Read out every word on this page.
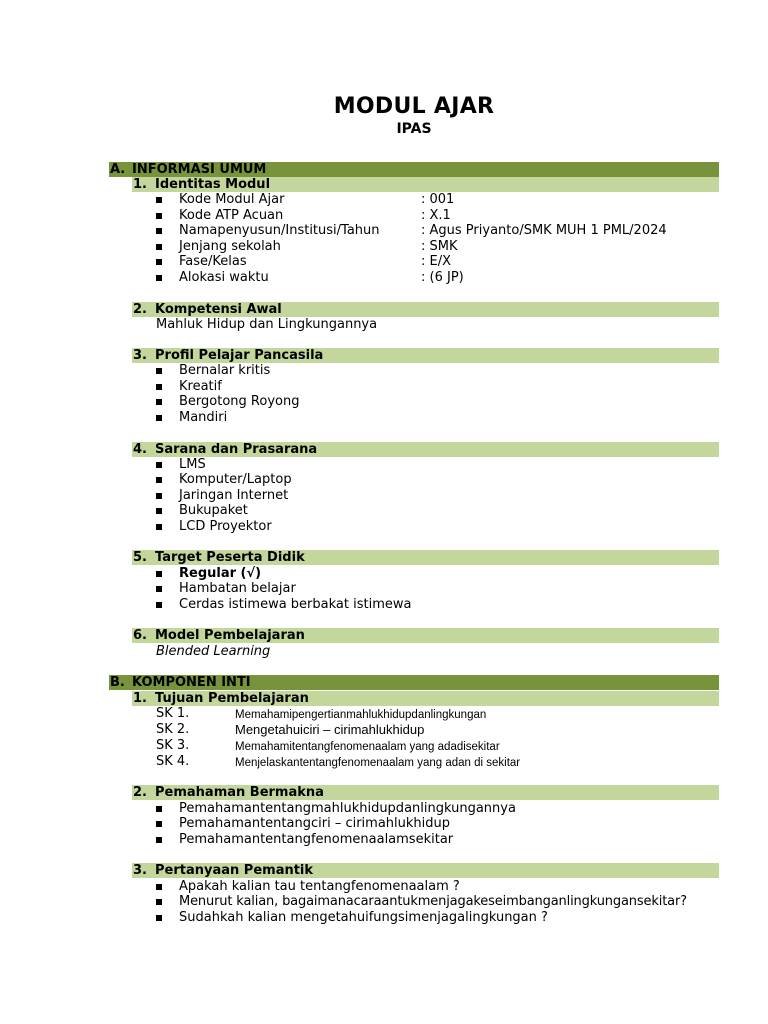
MODUL AJAR
IPAS
A. INFORMASI UMUM
1. Identitas Modul
Kode Modul Ajar	: 001
Kode ATP Acuan	: X.1
Namapenyusun/Institusi/Tahun	: Agus Priyanto/SMK MUH 1 PML/2024
Jenjang sekolah	: SMK
Fase/Kelas	: E/X
Alokasi waktu	: (6 JP)
2. Kompetensi Awal
Mahluk Hidup dan Lingkungannya
3. Profil Pelajar Pancasila
Bernalar kritis
Kreatif
Bergotong Royong
Mandiri
4. Sarana dan Prasarana
LMS
Komputer/Laptop
Jaringan Internet
Bukupaket
LCD Proyektor
5. Target Peserta Didik
Regular (√)
Hambatan belajar
Cerdas istimewa berbakat istimewa
6. Model Pembelajaran
Blended Learning
B. KOMPONEN INTI
1. Tujuan Pembelajaran
SK 1.	Memahamipengertianmahlukhidupdanlingkungan
SK 2.	Mengetahuiciri – cirimahlukhidup
SK 3.	Memahamitentangfenomenaalam yang adadisekitar
SK 4.	Menjelaskantentangfenomenaalam yang adan di sekitar
2. Pemahaman Bermakna
Pemahamantentangmahlukhidupdanlingkungannya
Pemahamantentangciri – cirimahlukhidup
Pemahamantentangfenomenaalamsekitar
3. Pertanyaan Pemantik
Apakah kalian tau tentangfenomenaalam ?
Menurut kalian, bagaimanacaraantukmenjagakeseimbanganlingkungansekitar?
Sudahkah kalian mengetahuifungsimenjagalingkungan ?
